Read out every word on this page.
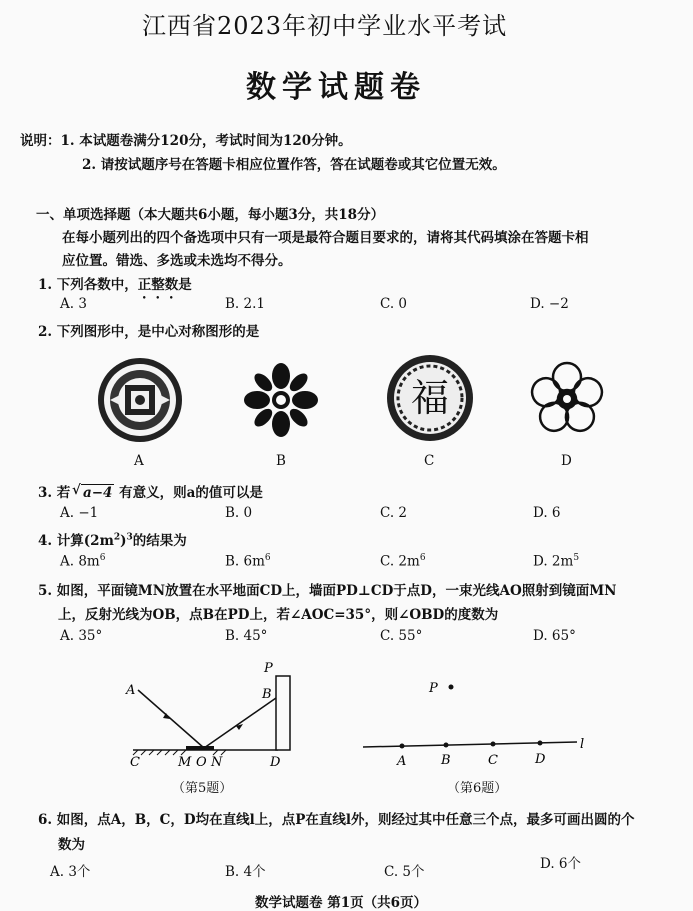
江西省2023年初中学业水平考试
数学试题卷
说明：1. 本试题卷满分120分，考试时间为120分钟。
2. 请按试题序号在答题卡相应位置作答，答在试题卷或其它位置无效。
一、单项选择题（本大题共6小题，每小题3分，共18分）
在每小题列出的四个备选项中只有一项是最符合题目要求的，请将其代码填涂在答题卡相
应位置。错选、多选或未选均不得分。
1. 下列各数中，正整数是
A. 3	B. 2.1	C. 0	D. −2
2. 下列图形中，是中心对称图形的是
福
A	B	C	D
3. 若 √ a−4 有意义，则a的值可以是
A. −1	B. 0	C. 2	D. 6
4. 计算$(2m^2)^3$的结果为
A. $8m^6$	B. $6m^6$	C. $2m^6$	D. $2m^5$
5. 如图，平面镜MN放置在水平地面CD上，墙面PD⊥CD于点D，一束光线AO照射到镜面MN
上，反射光线为OB，点B在PD上，若∠AOC=35°，则∠OBD的度数为
A. 35°	B. 45°	C. 55°	D. 65°
A
P
B
C	M O N	D
（第5题）
P
A	B	C	D
l
（第6题）
6. 如图，点A，B，C，D均在直线l上，点P在直线l外，则经过其中任意三个点，最多可画出圆的个
数为
A. 3个	B. 4个	C. 5个	D. 6个
数学试题卷 第1页（共6页）
